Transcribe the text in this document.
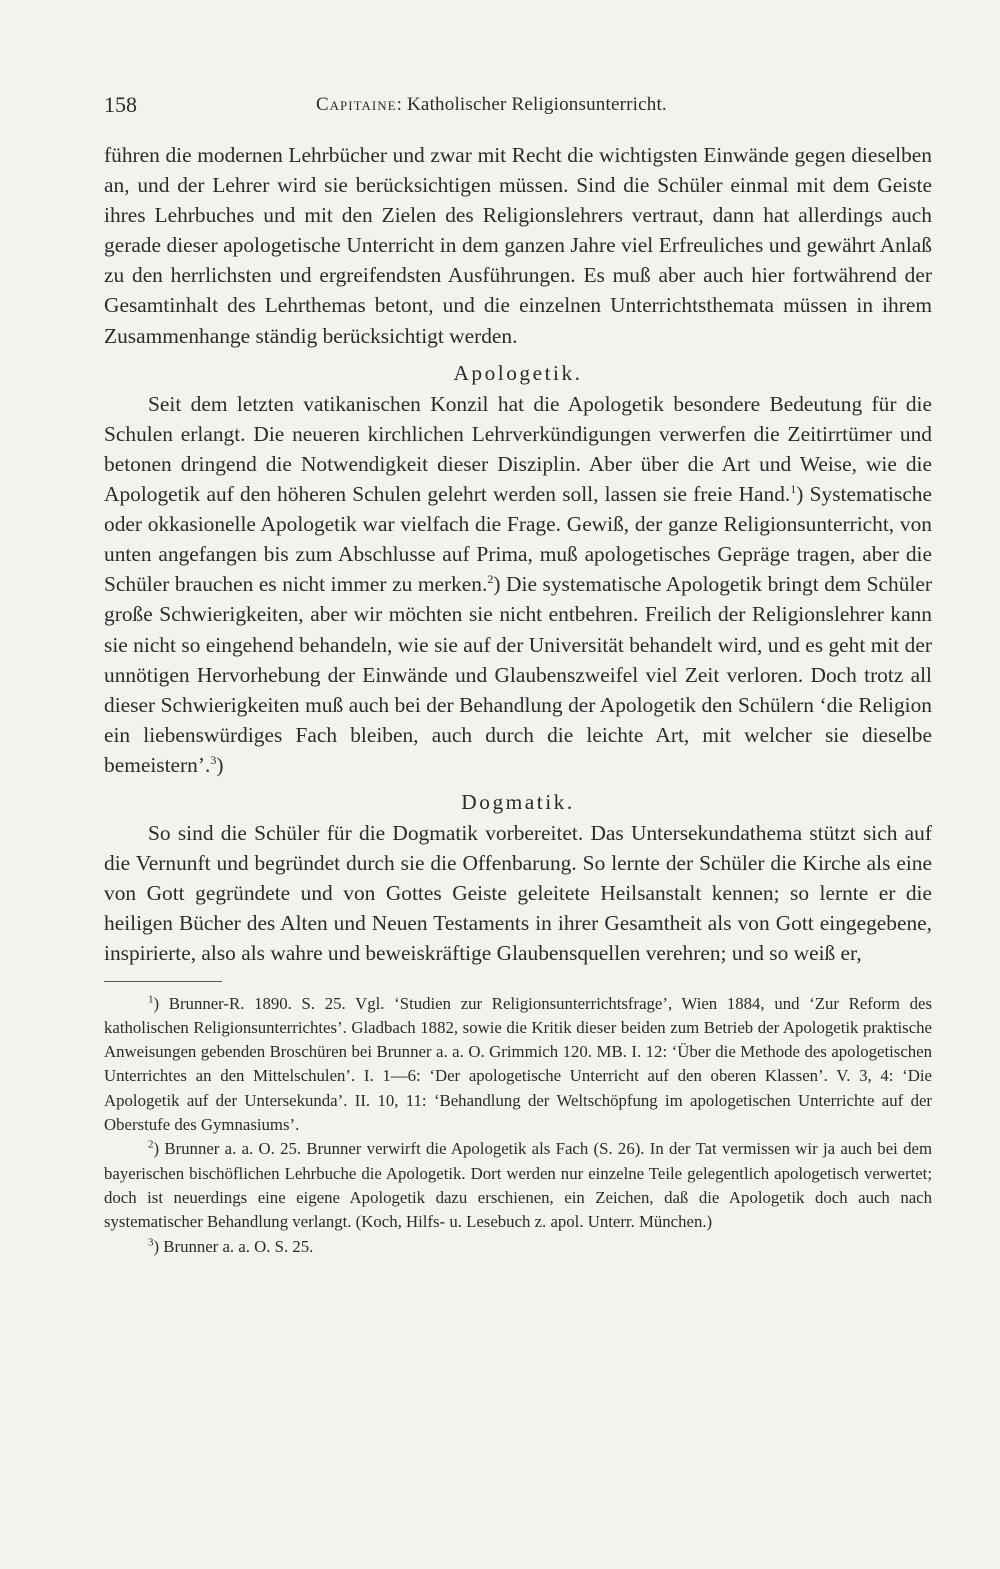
158	Capitaine: Katholischer Religionsunterricht.

führen die modernen Lehrbücher und zwar mit Recht die wichtigsten Einwände gegen dieselben an, und der Lehrer wird sie berücksichtigen müssen. Sind die Schüler einmal mit dem Geiste ihres Lehrbuches und mit den Zielen des Religionslehrers vertraut, dann hat allerdings auch gerade dieser apologetische Unterricht in dem ganzen Jahre viel Erfreuliches und gewährt Anlaß zu den herrlichsten und ergreifendsten Ausführungen. Es muß aber auch hier fortwährend der Gesamtinhalt des Lehrthemas betont, und die einzelnen Unterrichtsthemata müssen in ihrem Zusammenhange ständig berücksichtigt werden.

Apologetik.

Seit dem letzten vatikanischen Konzil hat die Apologetik besondere Bedeutung für die Schulen erlangt. Die neueren kirchlichen Lehrverkündigungen verwerfen die Zeitirrtümer und betonen dringend die Notwendigkeit dieser Disziplin. Aber über die Art und Weise, wie die Apologetik auf den höheren Schulen gelehrt werden soll, lassen sie freie Hand.$^1$) Systematische oder okkasionelle Apologetik war vielfach die Frage. Gewiß, der ganze Religionsunterricht, von unten angefangen bis zum Abschlusse auf Prima, muß apologetisches Gepräge tragen, aber die Schüler brauchen es nicht immer zu merken.$^2$) Die systematische Apologetik bringt dem Schüler große Schwierigkeiten, aber wir möchten sie nicht entbehren. Freilich der Religionslehrer kann sie nicht so eingehend behandeln, wie sie auf der Universität behandelt wird, und es geht mit der unnötigen Hervorhebung der Einwände und Glaubenszweifel viel Zeit verloren. Doch trotz all dieser Schwierigkeiten muß auch bei der Behandlung der Apologetik den Schülern ‘die Religion ein liebenswürdiges Fach bleiben, auch durch die leichte Art, mit welcher sie dieselbe bemeistern’.$^3$)

Dogmatik.

So sind die Schüler für die Dogmatik vorbereitet. Das Untersekundathema stützt sich auf die Vernunft und begründet durch sie die Offenbarung. So lernte der Schüler die Kirche als eine von Gott gegründete und von Gottes Geiste geleitete Heilsanstalt kennen; so lernte er die heiligen Bücher des Alten und Neuen Testaments in ihrer Gesamtheit als von Gott eingegebene, inspirierte, also als wahre und beweiskräftige Glaubensquellen verehren; und so weiß er,

$^1$) Brunner-R. 1890. S. 25. Vgl. ‘Studien zur Religionsunterrichtsfrage’, Wien 1884, und ‘Zur Reform des katholischen Religionsunterrichtes’. Gladbach 1882, sowie die Kritik dieser beiden zum Betrieb der Apologetik praktische Anweisungen gebenden Broschüren bei Brunner a. a. O. Grimmich 120. MB. I. 12: ‘Über die Methode des apologetischen Unterrichtes an den Mittelschulen’. I. 1—6: ‘Der apologetische Unterricht auf den oberen Klassen’. V. 3, 4: ‘Die Apologetik auf der Untersekunda’. II. 10, 11: ‘Behandlung der Weltschöpfung im apologetischen Unterrichte auf der Oberstufe des Gymnasiums’.

$^2$) Brunner a. a. O. 25. Brunner verwirft die Apologetik als Fach (S. 26). In der Tat vermissen wir ja auch bei dem bayerischen bischöflichen Lehrbuche die Apologetik. Dort werden nur einzelne Teile gelegentlich apologetisch verwertet; doch ist neuerdings eine eigene Apologetik dazu erschienen, ein Zeichen, daß die Apologetik doch auch nach systematischer Behandlung verlangt. (Koch, Hilfs- u. Lesebuch z. apol. Unterr. München.)

$^3$) Brunner a. a. O. S. 25.
